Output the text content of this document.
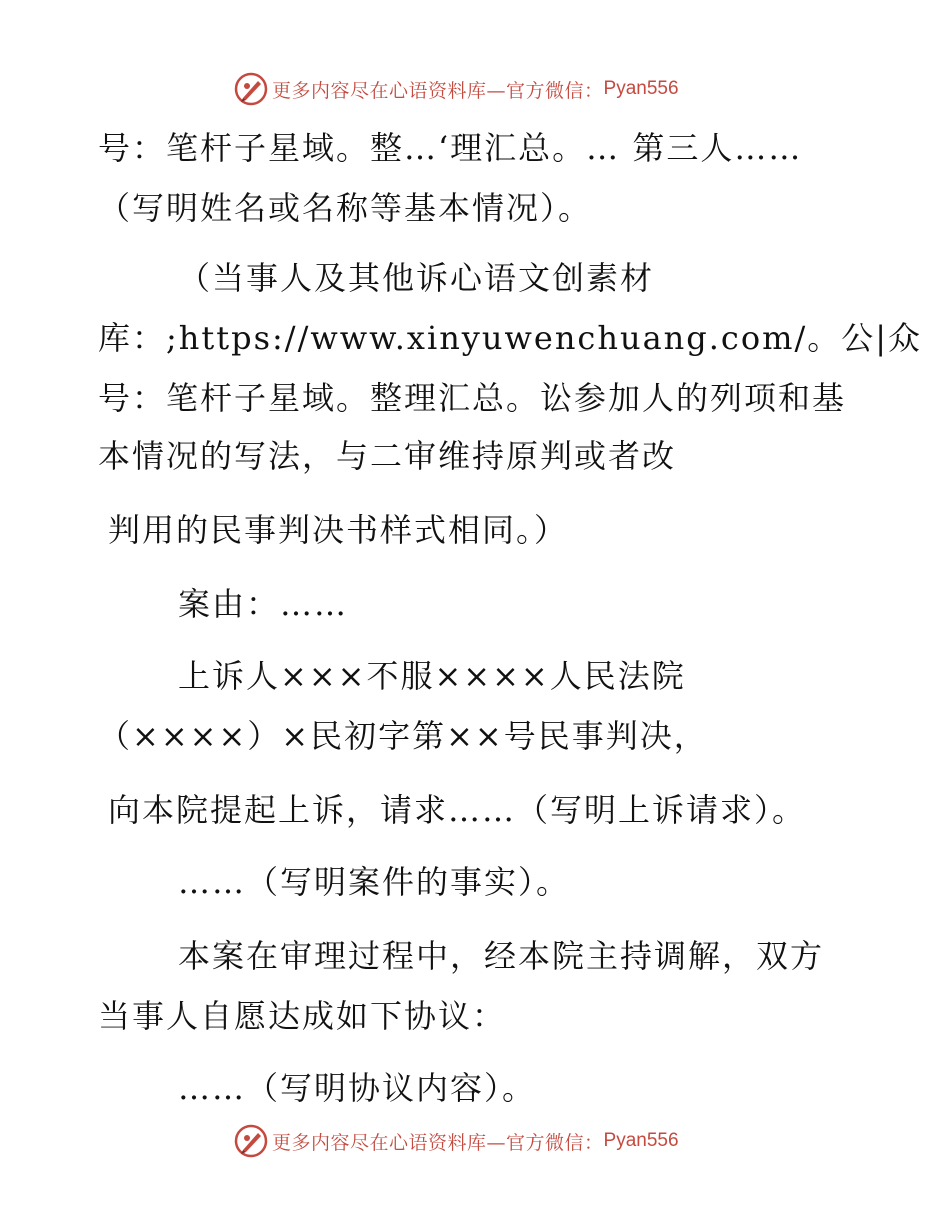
更多内容尽在心语资料库—官方微信： Pyan556
号：笔杆子星域。整…‘理汇总。… 第三人……
（写明姓名或名称等基本情况）。
（当事人及其他诉心语文创素材
库：;https://www.xinyuwenchuang.com/。公|众
号：笔杆子星域。整理汇总。讼参加人的列项和基
本情况的写法，与二审维持原判或者改
判用的民事判决书样式相同。）
案由：……
上诉人×××不服××××人民法院
（××××）×民初字第××号民事判决，
向本院提起上诉，请求……（写明上诉请求）。
……（写明案件的事实）。
本案在审理过程中，经本院主持调解，双方
当事人自愿达成如下协议：
……（写明协议内容）。
更多内容尽在心语资料库—官方微信： Pyan556
